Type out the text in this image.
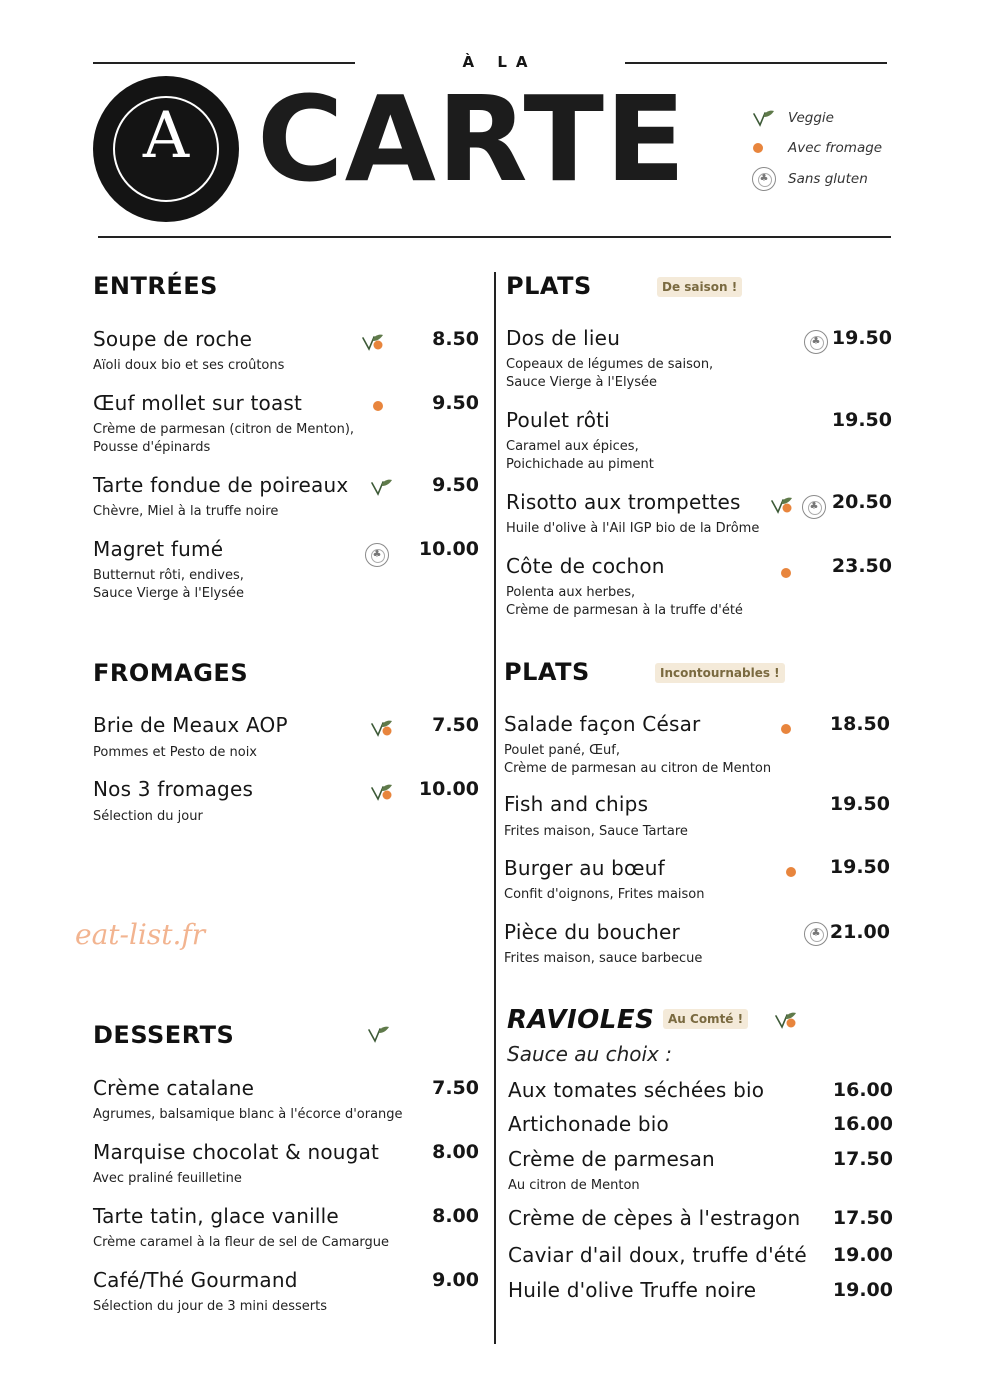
À LA
A CARTE	Veggie
Avec fromage
♣	Sans gluten
ENTRÉES
Soupe de roche	8.50
Aïoli doux bio et ses croûtons
Œuf mollet sur toast	9.50
Crème de parmesan (citron de Menton),
Pousse d'épinards
Tarte fondue de poireaux	9.50
Chèvre, Miel à la truffe noire
Magret fumé	♣	10.00
Butternut rôti, endives,
Sauce Vierge à l'Elysée
FROMAGES
Brie de Meaux AOP	7.50
Pommes et Pesto de noix
Nos 3 fromages	10.00
Sélection du jour
eat-list.fr
DESSERTS
Crème catalane	7.50
Agrumes, balsamique blanc à l'écorce d'orange
Marquise chocolat & nougat	8.00
Avec praliné feuilletine
Tarte tatin, glace vanille	8.00
Crème caramel à la fleur de sel de Camargue
Café/Thé Gourmand	9.00
Sélection du jour de 3 mini desserts
PLATS	De saison !
Dos de lieu	♣ 19.50
Copeaux de légumes de saison,
Sauce Vierge à l'Elysée
Poulet rôti	19.50
Caramel aux épices,
Poichichade au piment
Risotto aux trompettes	♣ 20.50
Huile d'olive à l'Ail IGP bio de la Drôme
Côte de cochon	23.50
Polenta aux herbes,
Crème de parmesan à la truffe d'été
PLATS	Incontournables !
Salade façon César	18.50
Poulet pané, Œuf,
Crème de parmesan au citron de Menton
Fish and chips	19.50
Frites maison, Sauce Tartare
Burger au bœuf	19.50
Confit d'oignons, Frites maison
Pièce du boucher	♣ 21.00
Frites maison, sauce barbecue
RAVIOLES	Au Comté !
Sauce au choix :
Aux tomates séchées bio	16.00
Artichonade bio	16.00
Crème de parmesan	17.50
Au citron de Menton
Crème de cèpes à l'estragon 17.50
Caviar d'ail doux, truffe d'été 19.00
Huile d'olive Truffe noire	19.00
